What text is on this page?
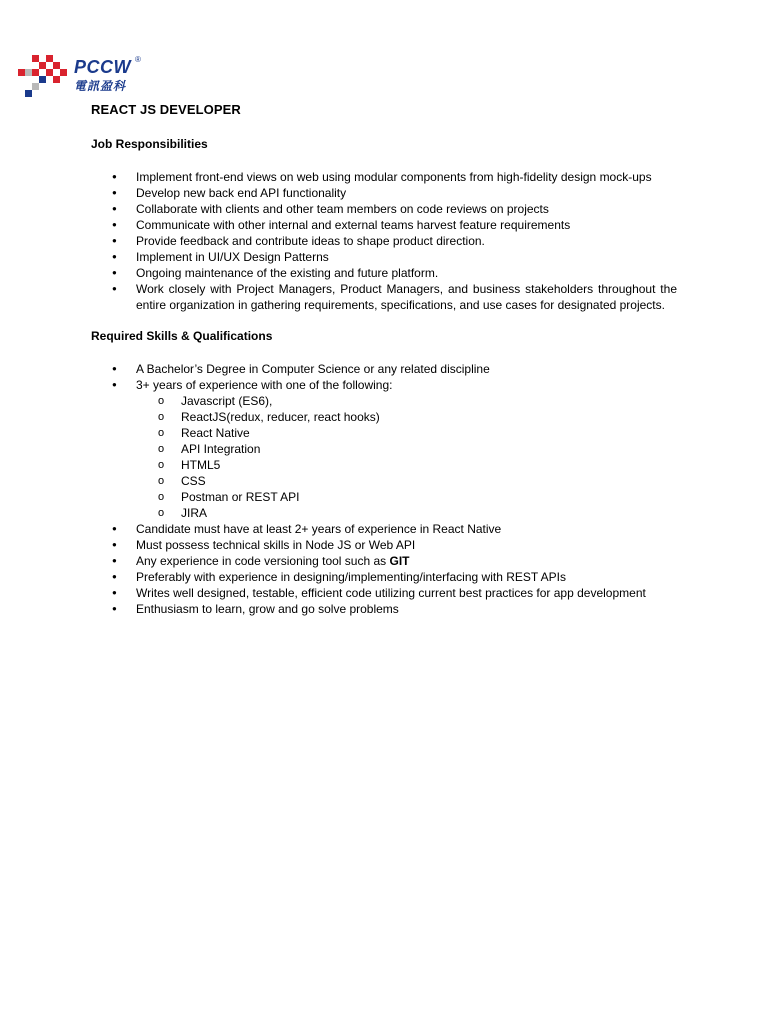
PCCW ®
電訊盈科
REACT JS DEVELOPER
Job Responsibilities
● Implement front-end views on web using modular components from high-fidelity design mock-ups
● Develop new back end API functionality
● Collaborate with clients and other team members on code reviews on projects
● Communicate with other internal and external teams harvest feature requirements
● Provide feedback and contribute ideas to shape product direction.
● Implement in UI/UX Design Patterns
● Ongoing maintenance of the existing and future platform.
● Work closely with Project Managers, Product Managers, and business stakeholders throughout the entire organization in gathering requirements, specifications, and use cases for designated projects.
Required Skills & Qualifications
● A Bachelor’s Degree in Computer Science or any related discipline
● 3+ years of experience with one of the following:
o Javascript (ES6),
o ReactJS(redux, reducer, react hooks)
o React Native
o API Integration
o HTML5
o CSS
o Postman or REST API
o JIRA
● Candidate must have at least 2+ years of experience in React Native
● Must possess technical skills in Node JS or Web API
● Any experience in code versioning tool such as GIT
● Preferably with experience in designing/implementing/interfacing with REST APIs
● Writes well designed, testable, efficient code utilizing current best practices for app development
● Enthusiasm to learn, grow and go solve problems
